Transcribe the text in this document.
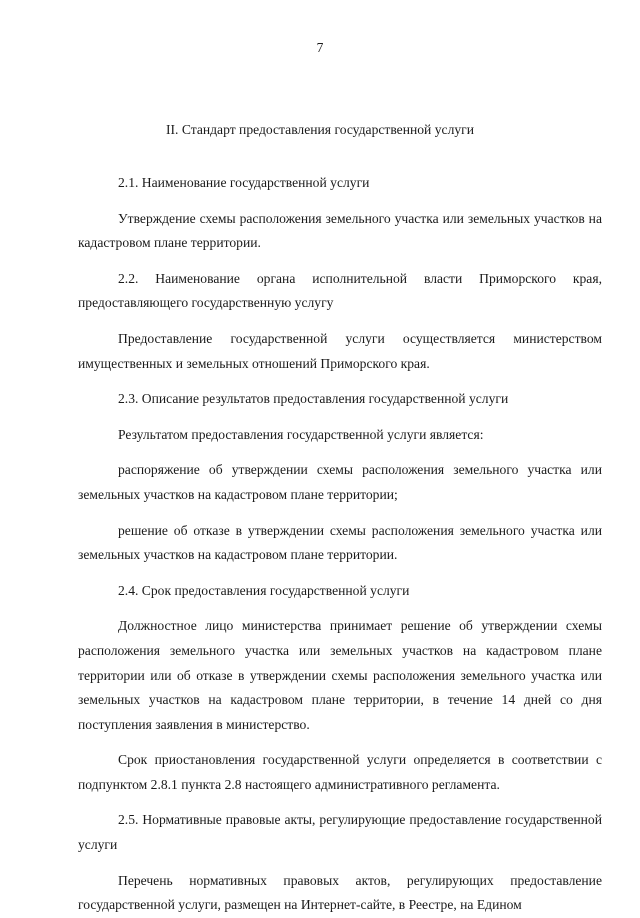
7
II. Стандарт предоставления государственной услуги

2.1. Наименование государственной услуги

Утверждение схемы расположения земельного участка или земельных участков на кадастровом плане территории.

2.2. Наименование органа исполнительной власти Приморского края, предоставляющего государственную услугу

Предоставление государственной услуги осуществляется министерством имущественных и земельных отношений Приморского края.

2.3. Описание результатов предоставления государственной услуги

Результатом предоставления государственной услуги является:

распоряжение об утверждении схемы расположения земельного участка или земельных участков на кадастровом плане территории;

решение об отказе в утверждении схемы расположения земельного участка или земельных участков на кадастровом плане территории.

2.4. Срок предоставления государственной услуги

Должностное лицо министерства принимает решение об утверждении схемы расположения земельного участка или земельных участков на кадастровом плане территории или об отказе в утверждении схемы расположения земельного участка или земельных участков на кадастровом плане территории, в течение 14 дней со дня поступления заявления в министерство.

Срок приостановления государственной услуги определяется в соответствии с подпунктом 2.8.1 пункта 2.8 настоящего административного регламента.

2.5. Нормативные правовые акты, регулирующие предоставление государственной услуги

Перечень нормативных правовых актов, регулирующих предоставление государственной услуги, размещен на Интернет-сайте, в Реестре, на Едином
